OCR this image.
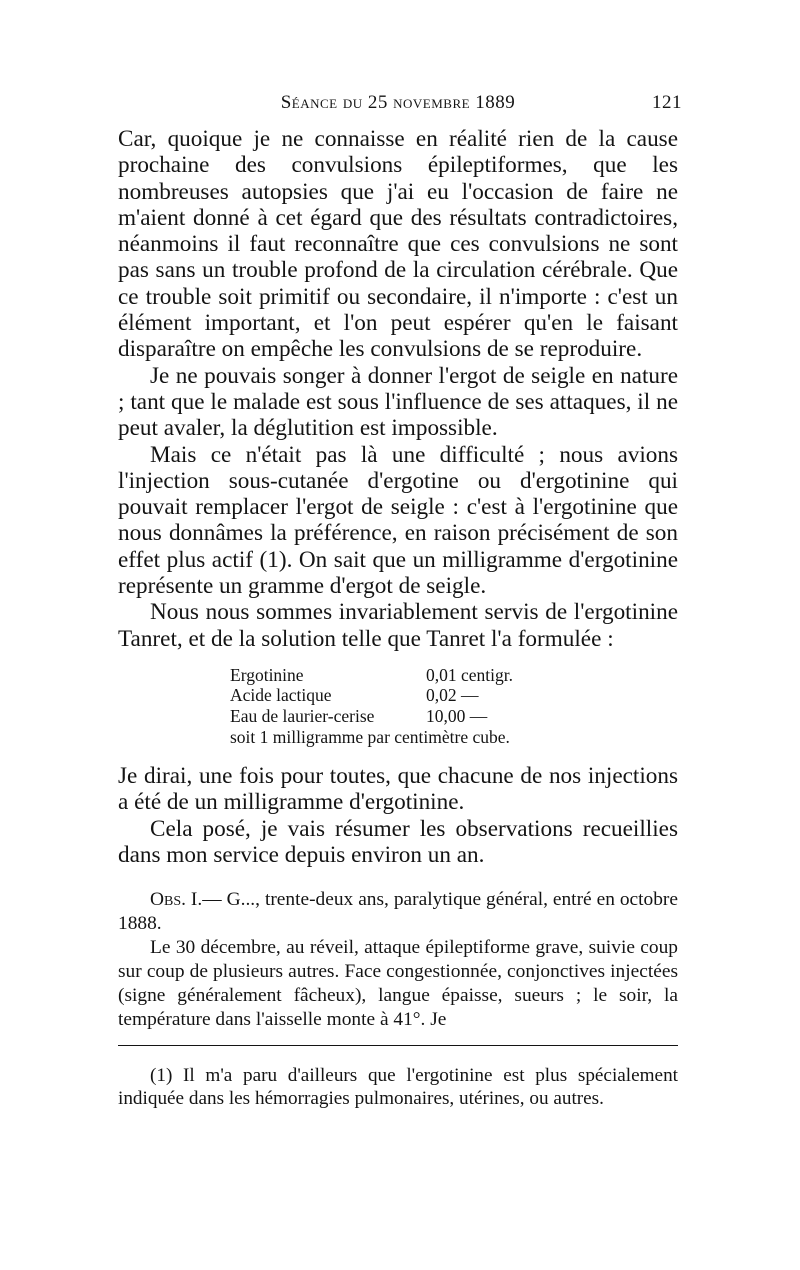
Séance du 25 novembre 1889	121

Car, quoique je ne connaisse en réalité rien de la cause prochaine des convulsions épileptiformes, que les nombreuses autopsies que j'ai eu l'occasion de faire ne m'aient donné à cet égard que des résultats contradictoires, néanmoins il faut reconnaître que ces convulsions ne sont pas sans un trouble profond de la circulation cérébrale. Que ce trouble soit primitif ou secondaire, il n'importe : c'est un élément important, et l'on peut espérer qu'en le faisant disparaître on empêche les convulsions de se reproduire.

Je ne pouvais songer à donner l'ergot de seigle en nature ; tant que le malade est sous l'influence de ses attaques, il ne peut avaler, la déglutition est impossible.

Mais ce n'était pas là une difficulté ; nous avions l'injection sous-cutanée d'ergotine ou d'ergotinine qui pouvait remplacer l'ergot de seigle : c'est à l'ergotinine que nous donnâmes la préférence, en raison précisément de son effet plus actif (1). On sait que un milligramme d'ergotinine représente un gramme d'ergot de seigle.

Nous nous sommes invariablement servis de l'ergotinine Tanret, et de la solution telle que Tanret l'a formulée :

Ergotinine	0,01 centigr.
Acide lactique	0,02 —
Eau de laurier-cerise	10,00 —
soit 1 milligramme par centimètre cube.

Je dirai, une fois pour toutes, que chacune de nos injections a été de un milligramme d'ergotinine.

Cela posé, je vais résumer les observations recueillies dans mon service depuis environ un an.

Obs. I.— G..., trente-deux ans, paralytique général, entré en octobre 1888.

Le 30 décembre, au réveil, attaque épileptiforme grave, suivie coup sur coup de plusieurs autres. Face congestionnée, conjonctives injectées (signe généralement fâcheux), langue épaisse, sueurs ; le soir, la température dans l'aisselle monte à 41°. Je

(1) Il m'a paru d'ailleurs que l'ergotinine est plus spécialement indiquée dans les hémorragies pulmonaires, utérines, ou autres.
